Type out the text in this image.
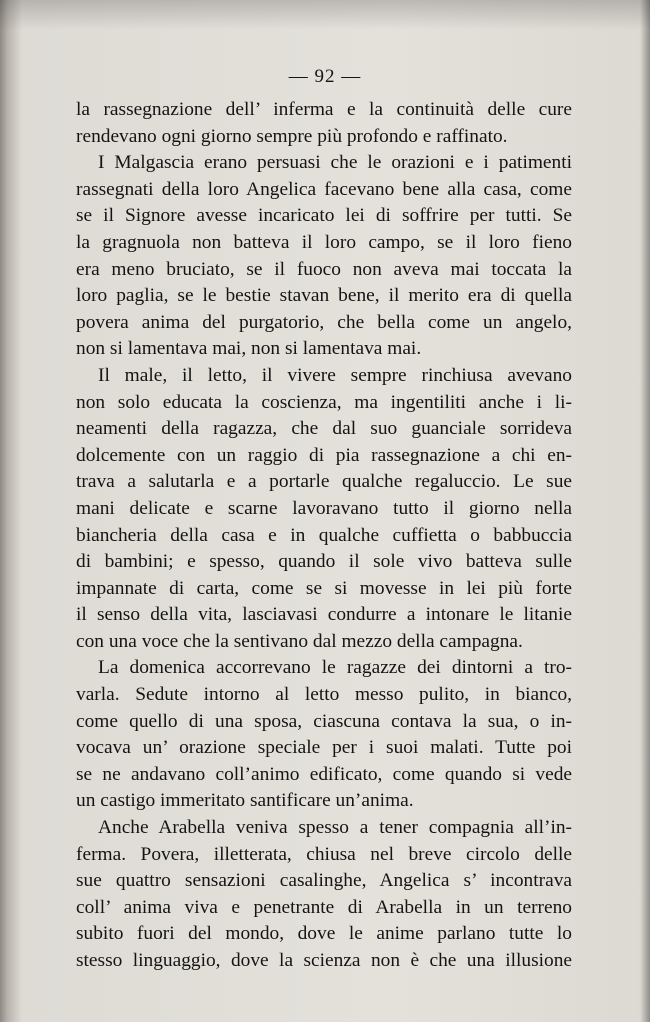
— 92 —
la rassegnazione dell’ inferma e la continuità delle cure
rendevano ogni giorno sempre più profondo e raffinato.
I Malgascia erano persuasi che le orazioni e i patimenti
rassegnati della loro Angelica facevano bene alla casa, come
se il Signore avesse incaricato lei di soffrire per tutti. Se
la gragnuola non batteva il loro campo, se il loro fieno
era meno bruciato, se il fuoco non aveva mai toccata la
loro paglia, se le bestie stavan bene, il merito era di quella
povera anima del purgatorio, che bella come un angelo,
non si lamentava mai, non si lamentava mai.
Il male, il letto, il vivere sempre rinchiusa avevano
non solo educata la coscienza, ma ingentiliti anche i li-
neamenti della ragazza, che dal suo guanciale sorrideva
dolcemente con un raggio di pia rassegnazione a chi en-
trava a salutarla e a portarle qualche regaluccio. Le sue
mani delicate e scarne lavoravano tutto il giorno nella
biancheria della casa e in qualche cuffietta o babbuccia
di bambini; e spesso, quando il sole vivo batteva sulle
impannate di carta, come se si movesse in lei più forte
il senso della vita, lasciavasi condurre a intonare le litanie
con una voce che la sentivano dal mezzo della campagna.
La domenica accorrevano le ragazze dei dintorni a tro-
varla. Sedute intorno al letto messo pulito, in bianco,
come quello di una sposa, ciascuna contava la sua, o in-
vocava un’ orazione speciale per i suoi malati. Tutte poi
se ne andavano coll’animo edificato, come quando si vede
un castigo immeritato santificare un’anima.
Anche Arabella veniva spesso a tener compagnia all’in-
ferma. Povera, illetterata, chiusa nel breve circolo delle
sue quattro sensazioni casalinghe, Angelica s’ incontrava
coll’ anima viva e penetrante di Arabella in un terreno
subito fuori del mondo, dove le anime parlano tutte lo
stesso linguaggio, dove la scienza non è che una illusione
